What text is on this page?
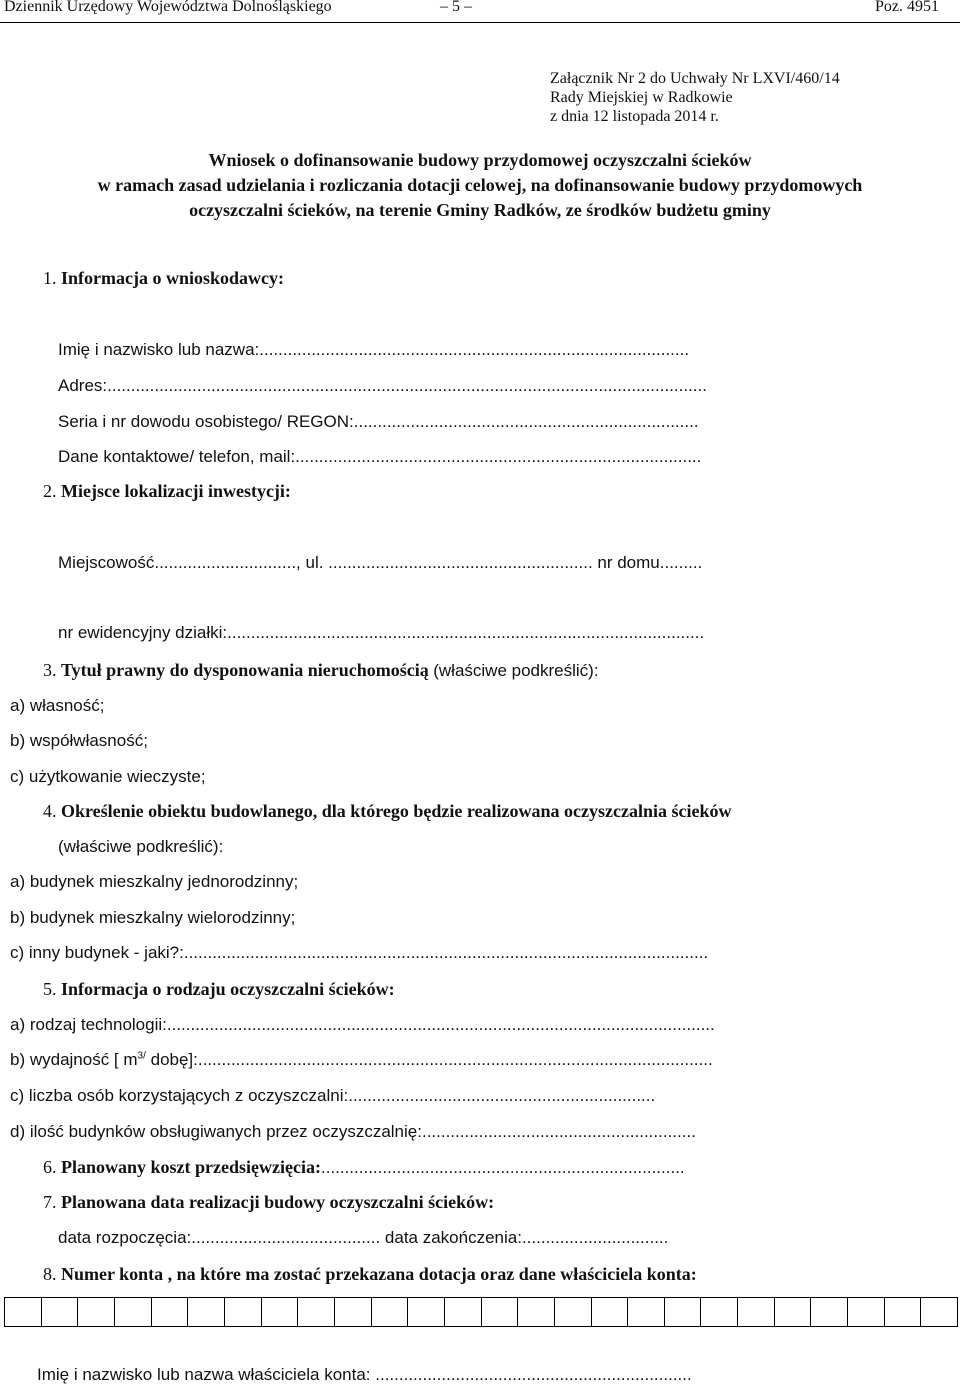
Dziennik Urzędowy Województwa Dolnośląskiego	– 5 –	Poz. 4951
Załącznik Nr 2 do Uchwały Nr LXVI/460/14
Rady Miejskiej w Radkowie
z dnia 12 listopada 2014 r.
Wniosek o dofinansowanie budowy przydomowej oczyszczalni ścieków
w ramach zasad udzielania i rozliczania dotacji celowej, na dofinansowanie budowy przydomowych
oczyszczalni ścieków, na terenie Gminy Radków, ze środków budżetu gminy
1. Informacja o wnioskodawcy:
Imię i nazwisko lub nazwa:...........................................................................................
Adres:...............................................................................................................................
Seria i nr dowodu osobistego/ REGON:.........................................................................
Dane kontaktowe/ telefon, mail:......................................................................................
2. Miejsce lokalizacji inwestycji:
Miejscowość.............................., ul. ........................................................ nr domu.........
nr ewidencyjny działki:.....................................................................................................
3. Tytuł prawny do dysponowania nieruchomością (właściwe podkreślić):
a) własność;
b) współwłasność;
c) użytkowanie wieczyste;
4. Określenie obiektu budowlanego, dla którego będzie realizowana oczyszczalnia ścieków
(właściwe podkreślić):
a) budynek mieszkalny jednorodzinny;
b) budynek mieszkalny wielorodzinny;
c) inny budynek - jaki?:...............................................................................................................
5. Informacja o rodzaju oczyszczalni ścieków:
a) rodzaj technologii:....................................................................................................................
b) wydajność [ $m^{3/}$ dobę]:.............................................................................................................
c) liczba osób korzystających z oczyszczalni:.................................................................
d) ilość budynków obsługiwanych przez oczyszczalnię:..........................................................
6. Planowany koszt przedsięwzięcia:.............................................................................
7. Planowana data realizacji budowy oczyszczalni ścieków:
data rozpoczęcia:........................................ data zakończenia:...............................
8. Numer konta , na które ma zostać przekazana dotacja oraz dane właściciela konta:
Imię i nazwisko lub nazwa właściciela konta: ...................................................................
